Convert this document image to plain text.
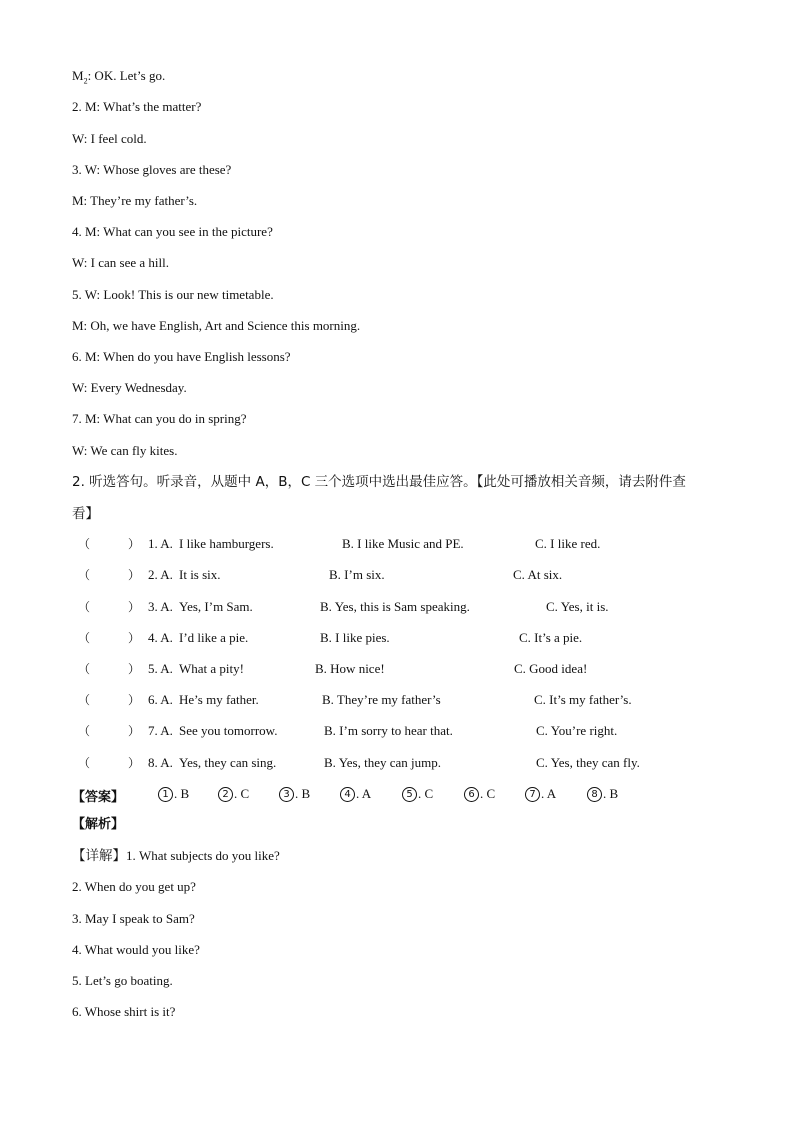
$M_2$: OK. Let’s go.
2. M: What’s the matter?
W: I feel cold.
3. W: Whose gloves are these?
M: They’re my father’s.
4. M: What can you see in the picture?
W: I can see a hill.
5. W: Look! This is our new timetable.
M: Oh, we have English, Art and Science this morning.
6. M: When do you have English lessons?
W: Every Wednesday.
7. M: What can you do in spring?
W: We can fly kites.
2. 听选答句。听录音，从题中 A，B，C 三个选项中选出最佳应答。【此处可播放相关音频，请去附件查
看】
（	） 1. A. I like hamburgers.	B. I like Music and PE.	C. I like red.
（	） 2. A. It is six.	B. I’m six.	C. At six.
（	） 3. A. Yes, I’m Sam.	B. Yes, this is Sam speaking.	C. Yes, it is.
（	） 4. A. I’d like a pie.	B. I like pies.	C. It’s a pie.
（	） 5. A. What a pity!	B. How nice!	C. Good idea!
（	） 6. A. He’s my father.	B. They’re my father’s	C. It’s my father’s.
（	） 7. A. See you tomorrow.	B. I’m sorry to hear that.	C. You’re right.
（	） 8. A. Yes, they can sing.	B. Yes, they can jump.	C. Yes, they can fly.
【答案】	1 . B	2 . C	3 . B	4 . A	5 . C	6 . C	7 . A	8 . B
【解析】
【详解】1. What subjects do you like?
2. When do you get up?
3. May I speak to Sam?
4. What would you like?
5. Let’s go boating.
6. Whose shirt is it?
